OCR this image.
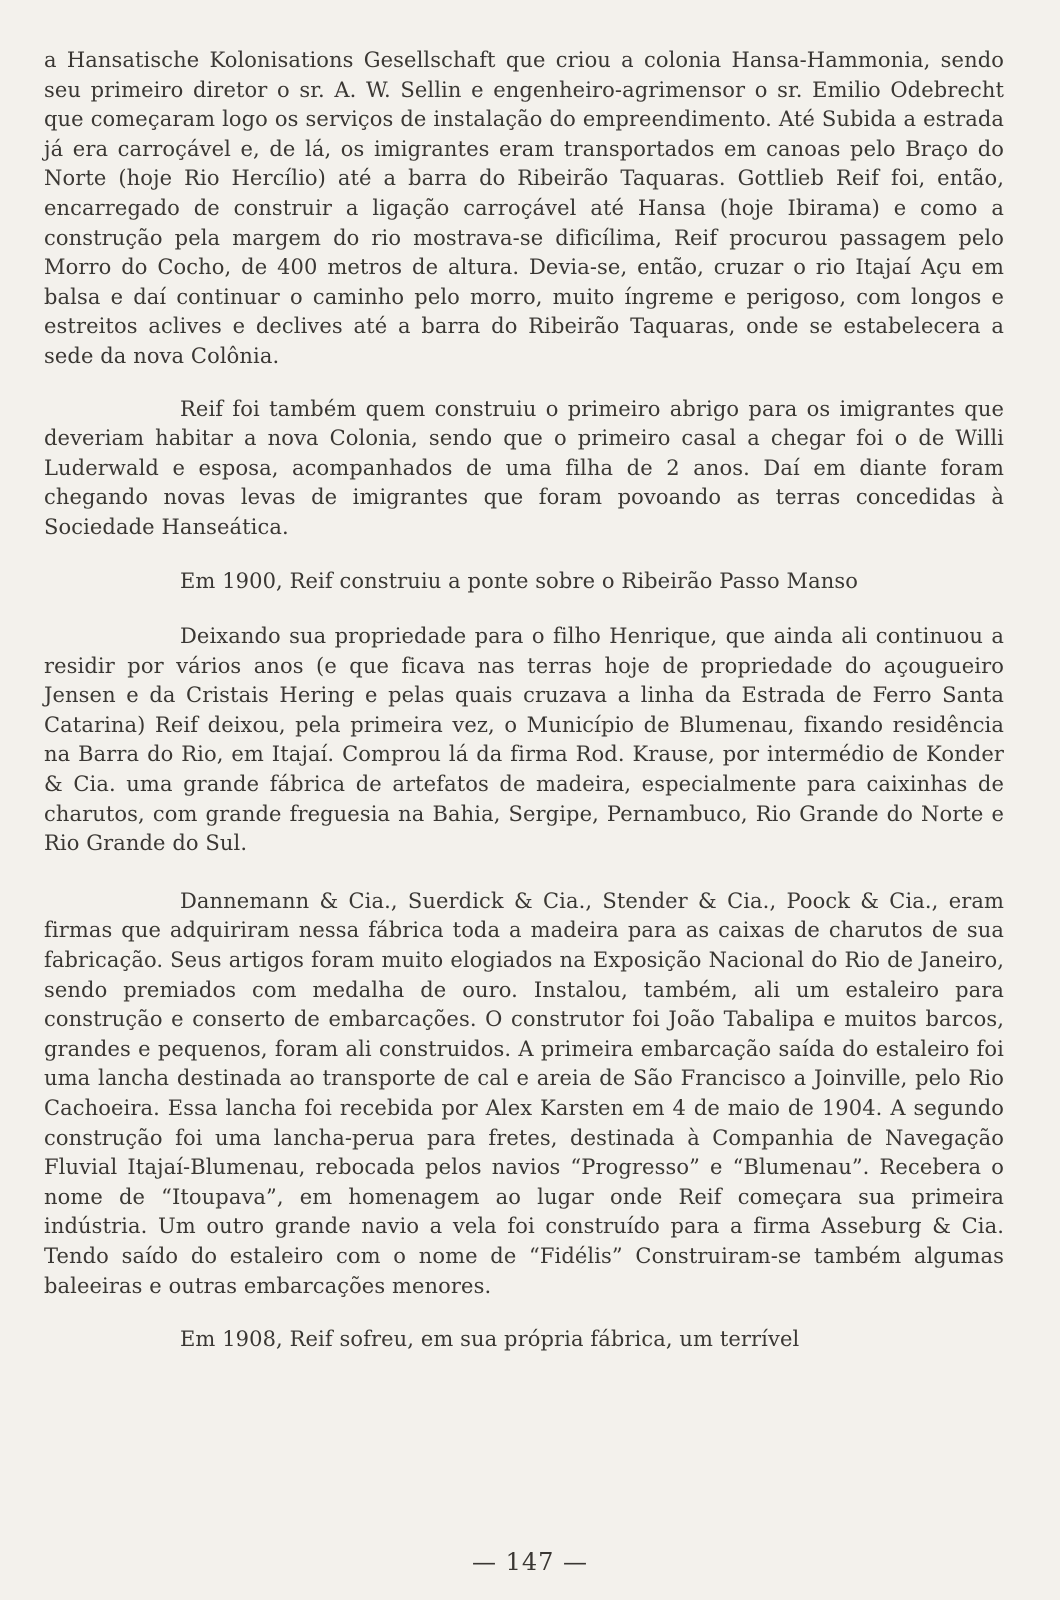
a Hansatische Kolonisations Gesellschaft que criou a colonia Hansa-Hammonia, sendo seu primeiro diretor o sr. A. W. Sellin e engenheiro-agrimensor o sr. Emilio Odebrecht que começaram logo os serviços de instalação do empreendimento. Até Subida a estrada já era carroçável e, de lá, os imigrantes eram transportados em canoas pelo Braço do Norte (hoje Rio Hercílio) até a barra do Ribeirão Taquaras. Gottlieb Reif foi, então, encarregado de construir a ligação carroçável até Hansa (hoje Ibirama) e como a construção pela margem do rio mostrava-se dificílima, Reif procurou passagem pelo Morro do Cocho, de 400 metros de altura. Devia-se, então, cruzar o rio Itajaí Açu em balsa e daí continuar o caminho pelo morro, muito íngreme e perigoso, com longos e estreitos aclives e declives até a barra do Ribeirão Taquaras, onde se estabelecera a sede da nova Colônia.

Reif foi também quem construiu o primeiro abrigo para os imigrantes que deveriam habitar a nova Colonia, sendo que o primeiro casal a chegar foi o de Willi Luderwald e esposa, acompanhados de uma filha de 2 anos. Daí em diante foram chegando novas levas de imigrantes que foram povoando as terras concedidas à Sociedade Hanseática.

Em 1900, Reif construiu a ponte sobre o Ribeirão Passo Manso

Deixando sua propriedade para o filho Henrique, que ainda ali continuou a residir por vários anos (e que ficava nas terras hoje de propriedade do açougueiro Jensen e da Cristais Hering e pelas quais cruzava a linha da Estrada de Ferro Santa Catarina) Reif deixou, pela primeira vez, o Município de Blumenau, fixando residência na Barra do Rio, em Itajaí. Comprou lá da firma Rod. Krause, por intermédio de Konder & Cia. uma grande fábrica de artefatos de madeira, especialmente para caixinhas de charutos, com grande freguesia na Bahia, Sergipe, Pernambuco, Rio Grande do Norte e Rio Grande do Sul.

Dannemann & Cia., Suerdick & Cia., Stender & Cia., Poock & Cia., eram firmas que adquiriram nessa fábrica toda a madeira para as caixas de charutos de sua fabricação. Seus artigos foram muito elogiados na Exposição Nacional do Rio de Janeiro, sendo premiados com medalha de ouro. Instalou, também, ali um estaleiro para construção e conserto de embarcações. O construtor foi João Tabalipa e muitos barcos, grandes e pequenos, foram ali construidos. A primeira embarcação saída do estaleiro foi uma lancha destinada ao transporte de cal e areia de São Francisco a Joinville, pelo Rio Cachoeira. Essa lancha foi recebida por Alex Karsten em 4 de maio de 1904. A segundo construção foi uma lancha-perua para fretes, destinada à Companhia de Navegação Fluvial Itajaí-Blumenau, rebocada pelos navios “Progresso” e “Blumenau”. Recebera o nome de “Itoupava”, em homenagem ao lugar onde Reif começara sua primeira indústria. Um outro grande navio a vela foi construído para a firma Asseburg & Cia. Tendo saído do estaleiro com o nome de “Fidélis” Construiram-se também algumas baleeiras e outras embarcações menores.

Em 1908, Reif sofreu, em sua própria fábrica, um terrível

— 147 —
